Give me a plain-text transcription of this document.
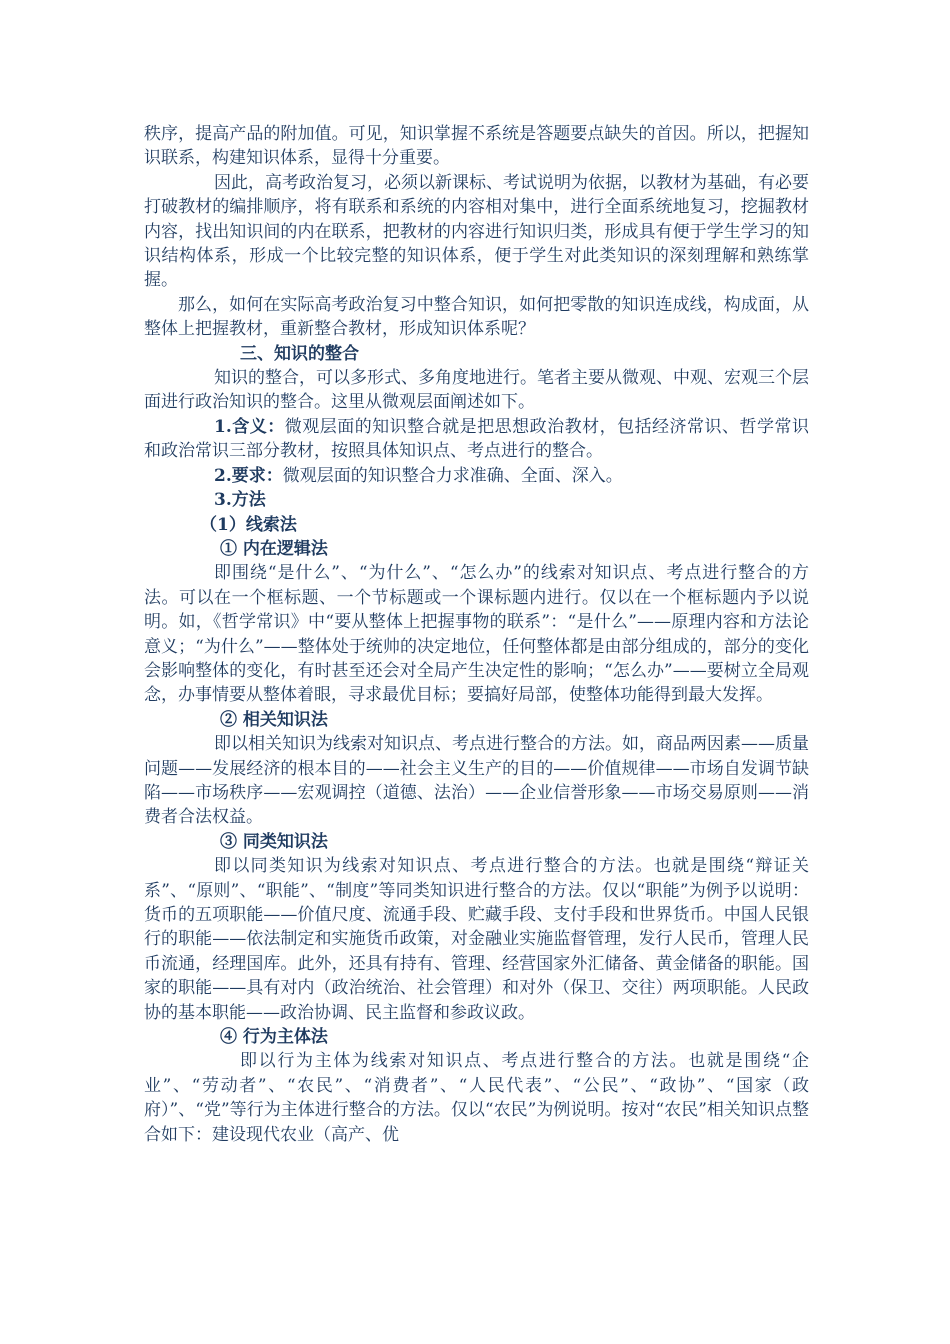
秩序，提高产品的附加值。可见，知识掌握不系统是答题要点缺失的首因。所以，把握知识联系，构建知识体系，显得十分重要。

因此，高考政治复习，必须以新课标、考试说明为依据，以教材为基础，有必要打破教材的编排顺序，将有联系和系统的内容相对集中，进行全面系统地复习，挖掘教材内容，找出知识间的内在联系，把教材的内容进行知识归类，形成具有便于学生学习的知识结构体系，形成一个比较完整的知识体系，便于学生对此类知识的深刻理解和熟练掌握。

那么，如何在实际高考政治复习中整合知识，如何把零散的知识连成线，构成面，从整体上把握教材，重新整合教材，形成知识体系呢？

三、知识的整合

知识的整合，可以多形式、多角度地进行。笔者主要从微观、中观、宏观三个层面进行政治知识的整合。这里从微观层面阐述如下。

1.含义：微观层面的知识整合就是把思想政治教材，包括经济常识、哲学常识和政治常识三部分教材，按照具体知识点、考点进行的整合。

2.要求：微观层面的知识整合力求准确、全面、深入。

3.方法

（1）线索法

① 内在逻辑法

即围绕“是什么”、“为什么”、“怎么办”的线索对知识点、考点进行整合的方法。可以在一个框标题、一个节标题或一个课标题内进行。仅以在一个框标题内予以说明。如，《哲学常识》中“要从整体上把握事物的联系”：“是什么”——原理内容和方法论意义；“为什么”——整体处于统帅的决定地位，任何整体都是由部分组成的，部分的变化会影响整体的变化，有时甚至还会对全局产生决定性的影响；“怎么办”——要树立全局观念，办事情要从整体着眼，寻求最优目标；要搞好局部，使整体功能得到最大发挥。

② 相关知识法

即以相关知识为线索对知识点、考点进行整合的方法。如，商品两因素——质量问题——发展经济的根本目的——社会主义生产的目的——价值规律——市场自发调节缺陷——市场秩序——宏观调控（道德、法治）——企业信誉形象——市场交易原则——消费者合法权益。

③ 同类知识法

即以同类知识为线索对知识点、考点进行整合的方法。也就是围绕“辩证关系”、“原则”、“职能”、“制度”等同类知识进行整合的方法。仅以“职能”为例予以说明：货币的五项职能——价值尺度、流通手段、贮藏手段、支付手段和世界货币。中国人民银行的职能——依法制定和实施货币政策，对金融业实施监督管理，发行人民币，管理人民币流通，经理国库。此外，还具有持有、管理、经营国家外汇储备、黄金储备的职能。国家的职能——具有对内（政治统治、社会管理）和对外（保卫、交往）两项职能。人民政协的基本职能——政治协调、民主监督和参政议政。

④ 行为主体法

即以行为主体为线索对知识点、考点进行整合的方法。也就是围绕“企业”、“劳动者”、“农民”、“消费者”、“人民代表”、“公民”、“政协”、“国家（政府）”、“党”等行为主体进行整合的方法。仅以“农民”为例说明。按对“农民”相关知识点整合如下：建设现代农业（高产、优
